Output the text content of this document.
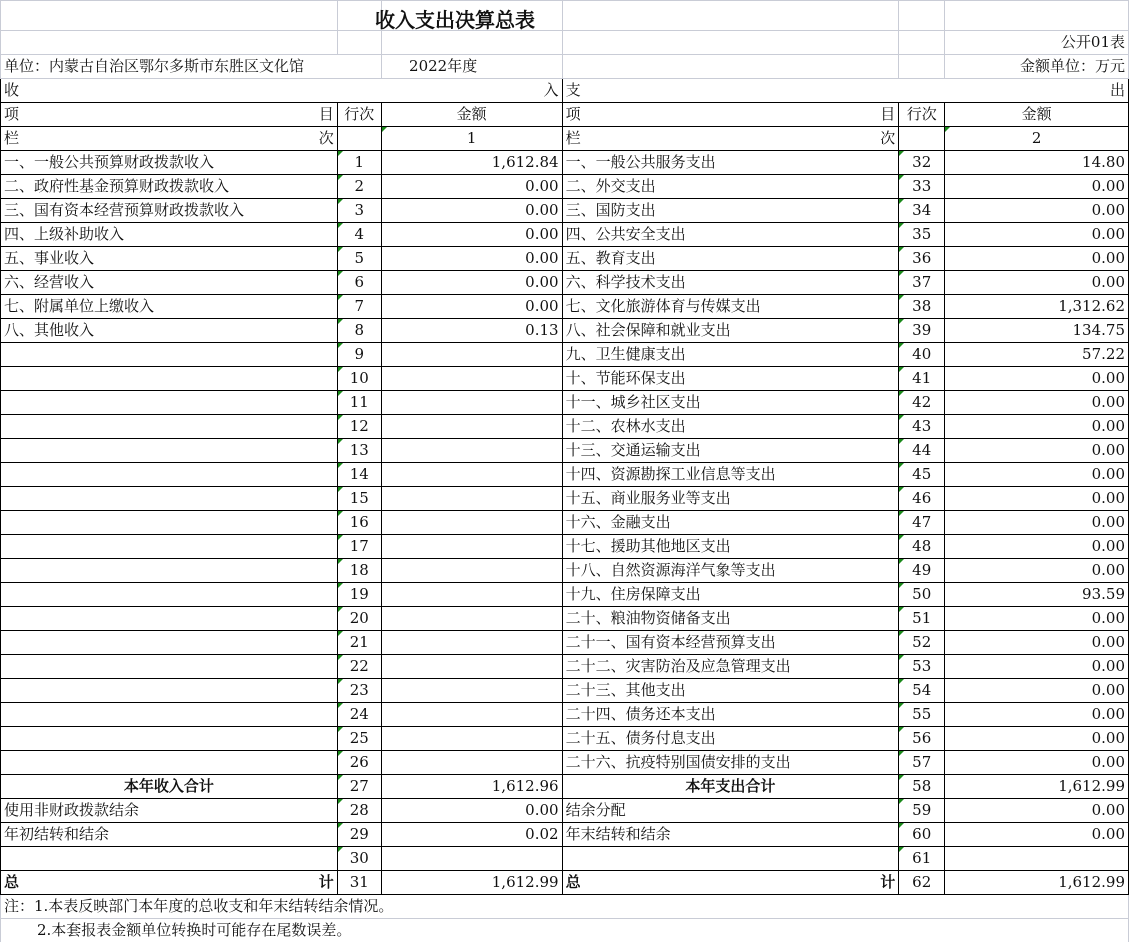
					公开01表
单位：内蒙古自治区鄂尔多斯市东胜区文化馆		2022年度			金额单位：万元

收 入			支 出		

项 目	行次	金额	项 目	行次	金额

栏 次		1	栏 次		2
一、一般公共预算财政拨款收入	1	1,612.84	一、一般公共服务支出	32	14.80
二、政府性基金预算财政拨款收入	2	0.00	二、外交支出	33	0.00
三、国有资本经营预算财政拨款收入	3	0.00	三、国防支出	34	0.00
四、上级补助收入	4	0.00	四、公共安全支出	35	0.00
五、事业收入	5	0.00	五、教育支出	36	0.00
六、经营收入	6	0.00	六、科学技术支出	37	0.00
七、附属单位上缴收入	7	0.00	七、文化旅游体育与传媒支出	38	1,312.62
八、其他收入	8	0.13	八、社会保障和就业支出	39	134.75
	9		九、卫生健康支出	40	57.22
	10		十、节能环保支出	41	0.00
	11		十一、城乡社区支出	42	0.00
	12		十二、农林水支出	43	0.00
	13		十三、交通运输支出	44	0.00
	14		十四、资源勘探工业信息等支出	45	0.00
	15		十五、商业服务业等支出	46	0.00
	16		十六、金融支出	47	0.00
	17		十七、援助其他地区支出	48	0.00
	18		十八、自然资源海洋气象等支出	49	0.00
	19		十九、住房保障支出	50	93.59
	20		二十、粮油物资储备支出	51	0.00
	21		二十一、国有资本经营预算支出	52	0.00
	22		二十二、灾害防治及应急管理支出	53	0.00
	23		二十三、其他支出	54	0.00
	24		二十四、债务还本支出	55	0.00
	25		二十五、债务付息支出	56	0.00
	26		二十六、抗疫特别国债安排的支出	57	0.00
本年收入合计	27	1,612.96	本年支出合计	58	1,612.99
使用非财政拨款结余	28	0.00	结余分配	59	0.00
年初结转和结余	29	0.02	年末结转和结余	60	0.00
	30			61	

总 计	31	1,612.99	总 计	62	1,612.99
注：1.本表反映部门本年度的总收支和年末结转结余情况。					
2.本套报表金额单位转换时可能存在尾数误差。					
收入支出决算总表
